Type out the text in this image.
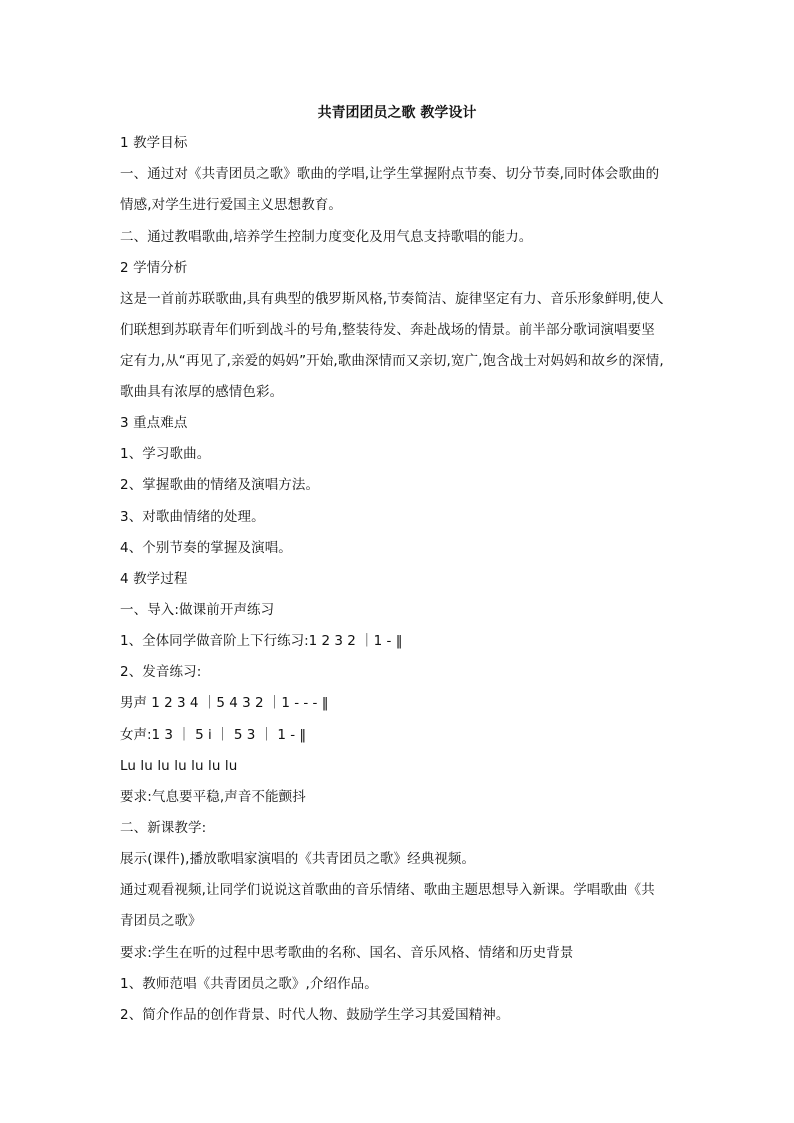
共青团团员之歌 教学设计
1 教学目标
一、通过对《共青团员之歌》歌曲的学唱,让学生掌握附点节奏、切分节奏,同时体会歌曲的
情感,对学生进行爱国主义思想教育。
二、通过教唱歌曲,培养学生控制力度变化及用气息支持歌唱的能力。
2 学情分析
这是一首前苏联歌曲,具有典型的俄罗斯风格,节奏简洁、旋律坚定有力、音乐形象鲜明,使人
们联想到苏联青年们听到战斗的号角,整装待发、奔赴战场的情景。前半部分歌词演唱要坚
定有力,从“再见了,亲爱的妈妈”开始,歌曲深情而又亲切,宽广,饱含战士对妈妈和故乡的深情,
歌曲具有浓厚的感情色彩。
3 重点难点
1、学习歌曲。
2、掌握歌曲的情绪及演唱方法。
3、对歌曲情绪的处理。
4、个别节奏的掌握及演唱。
4 教学过程
一、导入:做课前开声练习
1、全体同学做音阶上下行练习:1 2 3 2 ｜1 - ‖
2、发音练习:
男声 1 2 3 4 ｜5 4 3 2 ｜1 - - - ‖
女声:1 3 ｜ 5 i ｜ 5 3 ｜ 1 - ‖
Lu lu lu lu lu lu lu
要求:气息要平稳,声音不能颤抖
二、新课教学:
展示(课件),播放歌唱家演唱的《共青团员之歌》经典视频。
通过观看视频,让同学们说说这首歌曲的音乐情绪、歌曲主题思想导入新课。学唱歌曲《共
青团员之歌》
要求:学生在听的过程中思考歌曲的名称、国名、音乐风格、情绪和历史背景
1、教师范唱《共青团员之歌》,介绍作品。
2、简介作品的创作背景、时代人物、鼓励学生学习其爱国精神。
